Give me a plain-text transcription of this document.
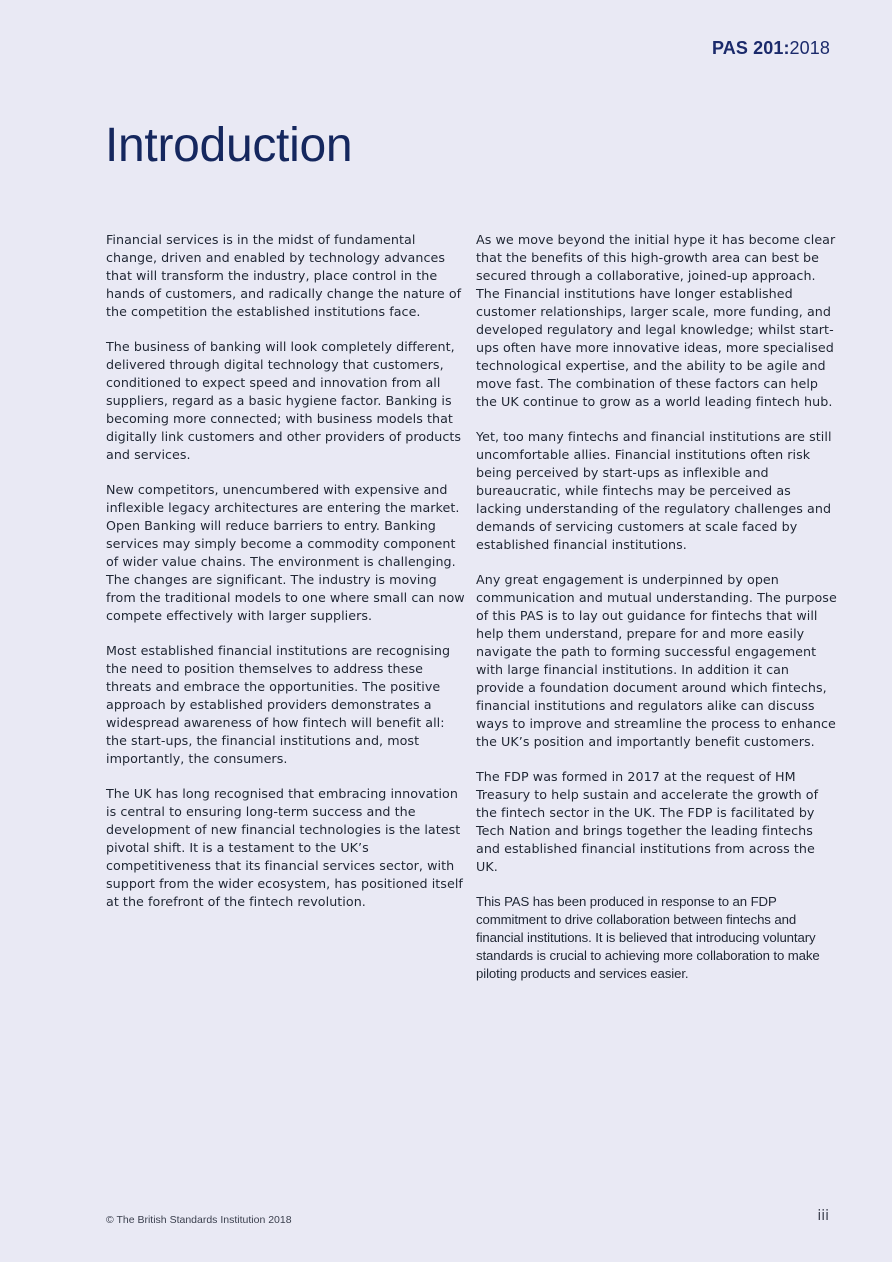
PAS 201:2018
Introduction

Financial services is in the midst of fundamental change, driven and enabled by technology advances that will transform the industry, place control in the hands of customers, and radically change the nature of the competition the established institutions face.

The business of banking will look completely different, delivered through digital technology that customers, conditioned to expect speed and innovation from all suppliers, regard as a basic hygiene factor. Banking is becoming more connected; with business models that digitally link customers and other providers of products and services.

New competitors, unencumbered with expensive and inflexible legacy architectures are entering the market. Open Banking will reduce barriers to entry. Banking services may simply become a commodity component of wider value chains. The environment is challenging. The changes are significant. The industry is moving from the traditional models to one where small can now compete effectively with larger suppliers.

Most established financial institutions are recognising the need to position themselves to address these threats and embrace the opportunities. The positive approach by established providers demonstrates a widespread awareness of how fintech will benefit all: the start-ups, the financial institutions and, most importantly, the consumers.

The UK has long recognised that embracing innovation is central to ensuring long-term success and the development of new financial technologies is the latest pivotal shift. It is a testament to the UK’s competitiveness that its financial services sector, with support from the wider ecosystem, has positioned itself at the forefront of the fintech revolution.

As we move beyond the initial hype it has become clear that the benefits of this high-growth area can best be secured through a collaborative, joined-up approach. The Financial institutions have longer established customer relationships, larger scale, more funding, and developed regulatory and legal knowledge; whilst start-ups often have more innovative ideas, more specialised technological expertise, and the ability to be agile and move fast. The combination of these factors can help the UK continue to grow as a world leading fintech hub.

Yet, too many fintechs and financial institutions are still uncomfortable allies. Financial institutions often risk being perceived by start-ups as inflexible and bureaucratic, while fintechs may be perceived as lacking understanding of the regulatory challenges and demands of servicing customers at scale faced by established financial institutions.

Any great engagement is underpinned by open communication and mutual understanding. The purpose of this PAS is to lay out guidance for fintechs that will help them understand, prepare for and more easily navigate the path to forming successful engagement with large financial institutions. In addition it can provide a foundation document around which fintechs, financial institutions and regulators alike can discuss ways to improve and streamline the process to enhance the UK’s position and importantly benefit customers.

The FDP was formed in 2017 at the request of HM Treasury to help sustain and accelerate the growth of the fintech sector in the UK. The FDP is facilitated by Tech Nation and brings together the leading fintechs and established financial institutions from across the UK.

This PAS has been produced in response to an FDP commitment to drive collaboration between fintechs and financial institutions. It is believed that introducing voluntary standards is crucial to achieving more collaboration to make piloting products and services easier.

© The British Standards Institution 2018	iii
